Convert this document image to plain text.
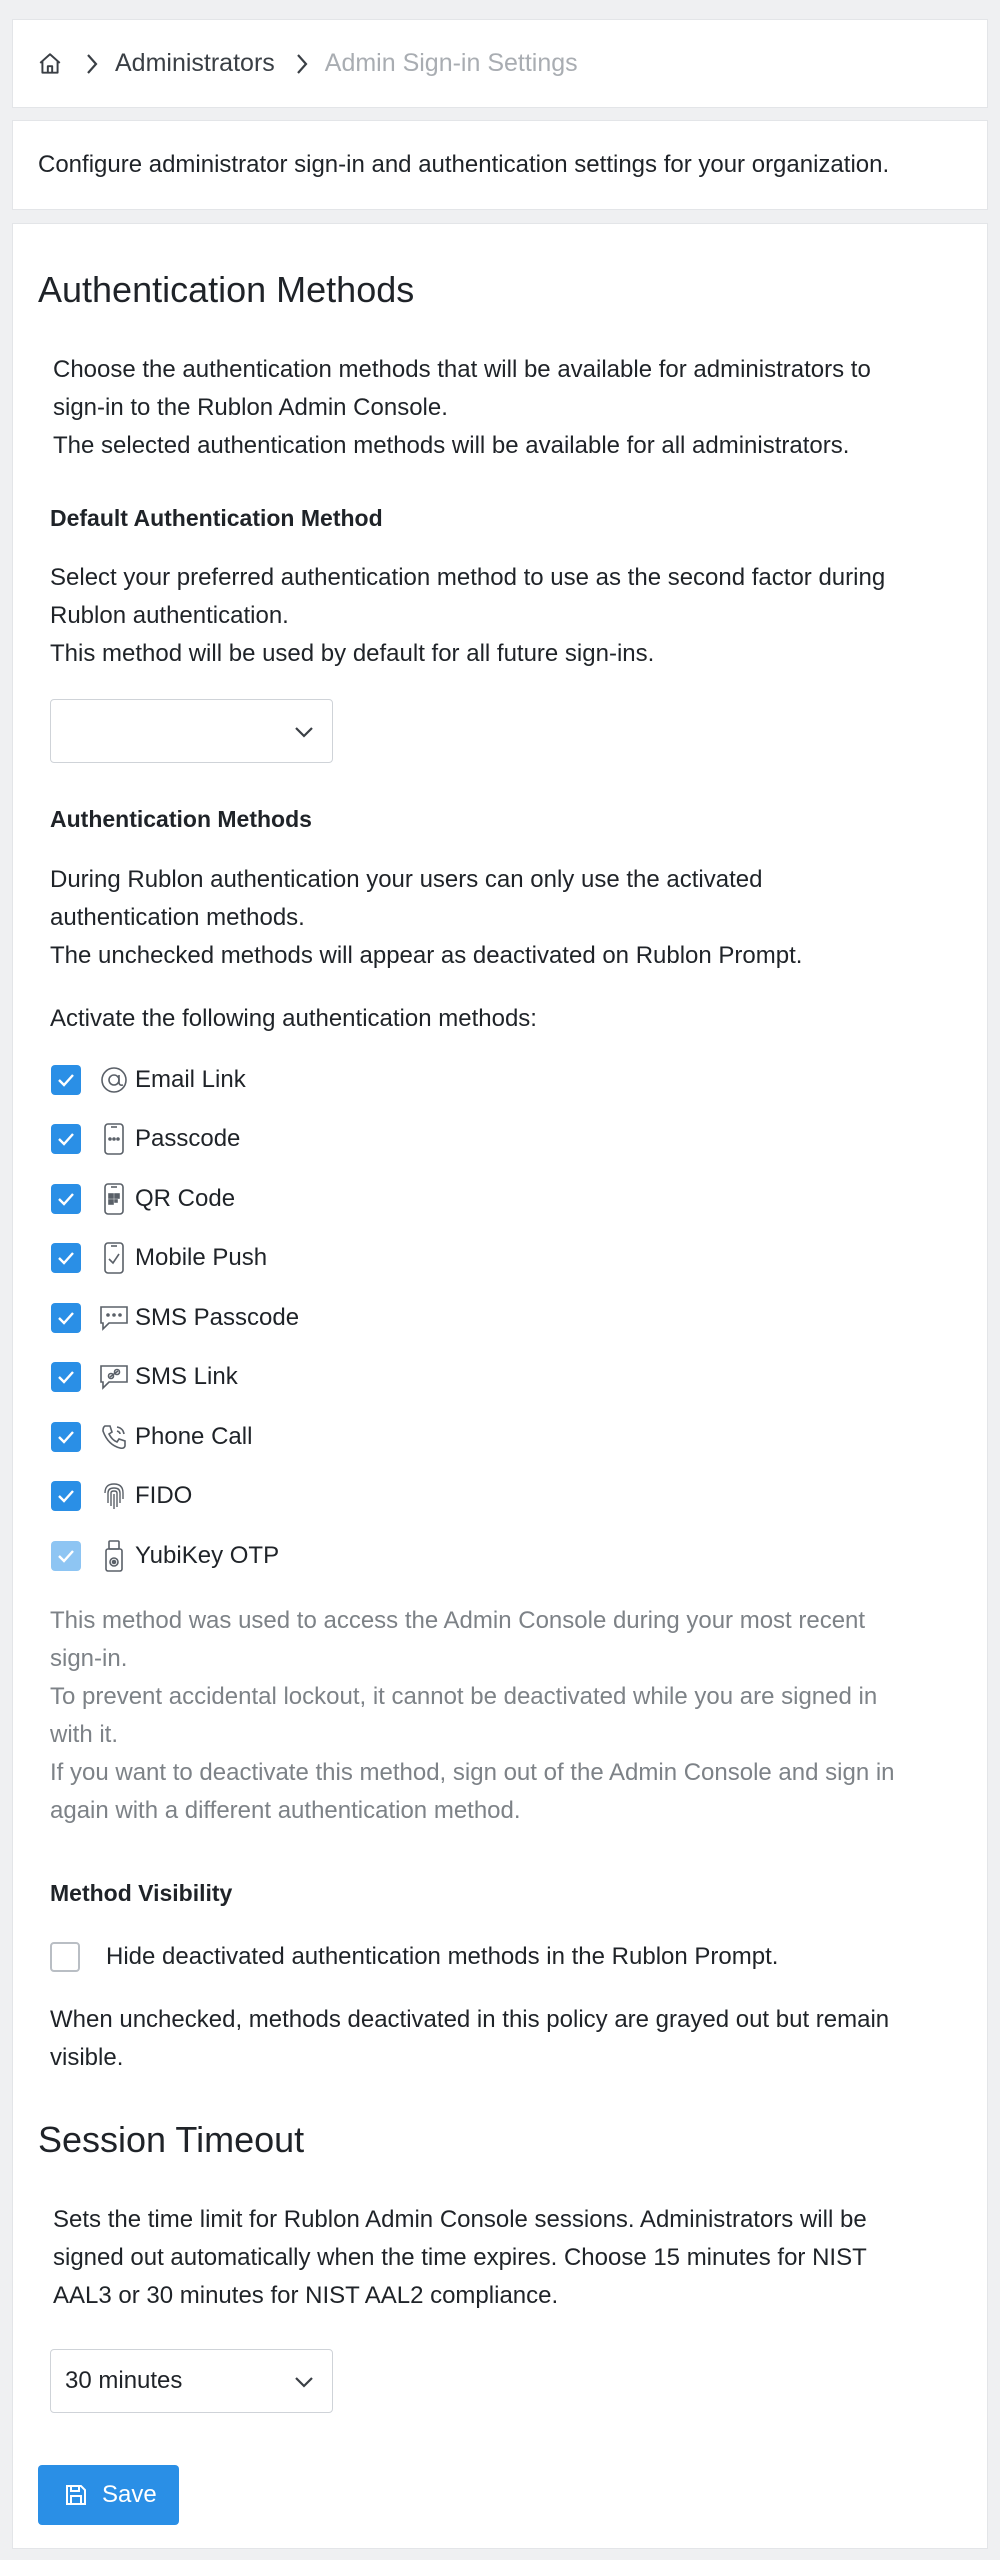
Administrators Admin Sign-in Settings
Configure administrator sign-in and authentication settings for your organization.
Authentication Methods
Choose the authentication methods that will be available for administrators to
sign-in to the Rublon Admin Console.
The selected authentication methods will be available for all administrators.
Default Authentication Method
Select your preferred authentication method to use as the second factor during
Rublon authentication.
This method will be used by default for all future sign-ins.
Authentication Methods
During Rublon authentication your users can only use the activated
authentication methods.
The unchecked methods will appear as deactivated on Rublon Prompt.
Activate the following authentication methods:
Email Link
Passcode
QR Code
Mobile Push
SMS Passcode
SMS Link
Phone Call
FIDO
YubiKey OTP
This method was used to access the Admin Console during your most recent
sign-in.
To prevent accidental lockout, it cannot be deactivated while you are signed in
with it.
If you want to deactivate this method, sign out of the Admin Console and sign in
again with a different authentication method.
Method Visibility
Hide deactivated authentication methods in the Rublon Prompt.
When unchecked, methods deactivated in this policy are grayed out but remain
visible.
Session Timeout
Sets the time limit for Rublon Admin Console sessions. Administrators will be
signed out automatically when the time expires. Choose 15 minutes for NIST
AAL3 or 30 minutes for NIST AAL2 compliance.
30 minutes
Save
